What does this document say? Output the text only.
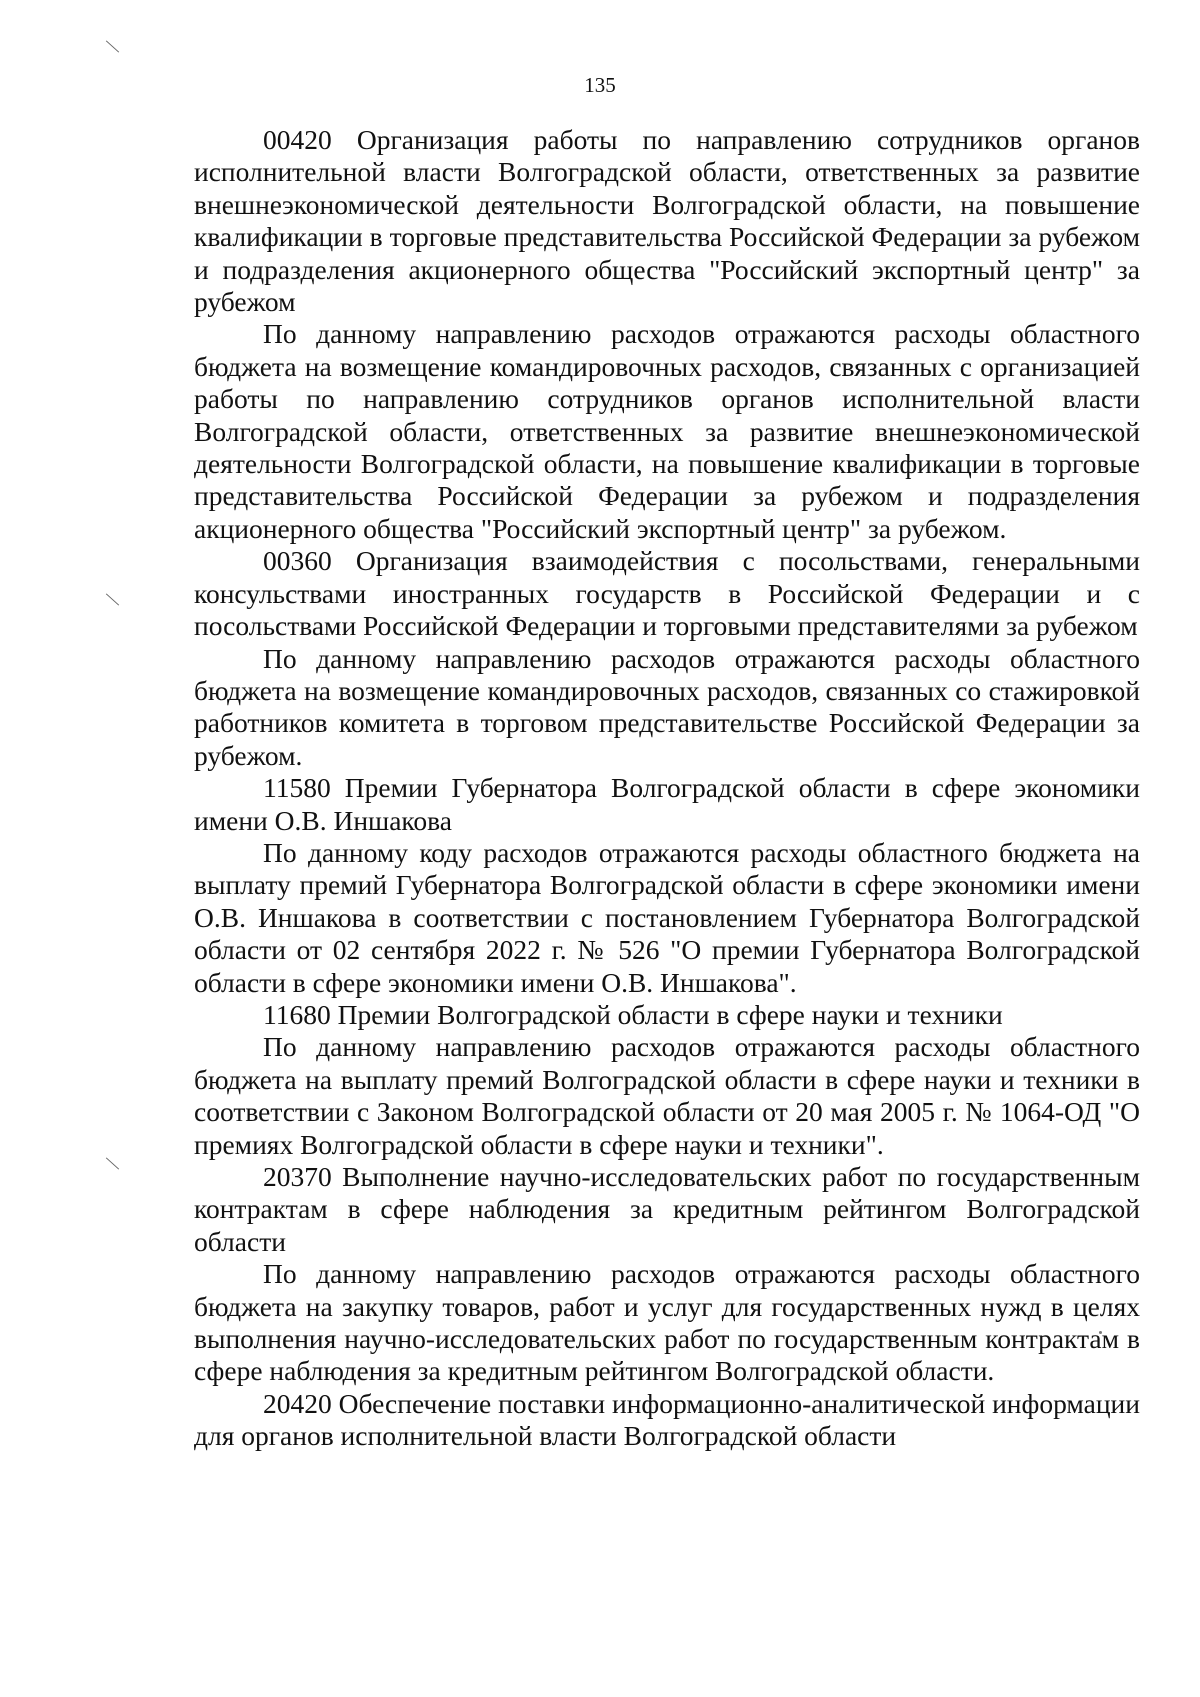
135

00420 Организация работы по направлению сотрудников органов исполнительной власти Волгоградской области, ответственных за развитие внешнеэкономической деятельности Волгоградской области, на повышение квалификации в торговые представительства Российской Федерации за рубежом и подразделения акционерного общества "Российский экспортный центр" за рубежом

По данному направлению расходов отражаются расходы областного бюджета на возмещение командировочных расходов, связанных с организацией работы по направлению сотрудников органов исполнительной власти Волгоградской области, ответственных за развитие внешнеэкономической деятельности Волгоградской области, на повышение квалификации в торговые представительства Российской Федерации за рубежом и подразделения акционерного общества "Российский экспортный центр" за рубежом.

00360 Организация взаимодействия с посольствами, генеральными консульствами иностранных государств в Российской Федерации и с посольствами Российской Федерации и торговыми представителями за рубежом

По данному направлению расходов отражаются расходы областного бюджета на возмещение командировочных расходов, связанных со стажировкой работников комитета в торговом представительстве Российской Федерации за рубежом.

11580 Премии Губернатора Волгоградской области в сфере экономики имени О.В. Иншакова

По данному коду расходов отражаются расходы областного бюджета на выплату премий Губернатора Волгоградской области в сфере экономики имени О.В. Иншакова в соответствии с постановлением Губернатора Волгоградской области от 02 сентября 2022 г. № 526 "О премии Губернатора Волгоградской области в сфере экономики имени О.В. Иншакова".

11680 Премии Волгоградской области в сфере науки и техники

По данному направлению расходов отражаются расходы областного бюджета на выплату премий Волгоградской области в сфере науки и техники в соответствии с Законом Волгоградской области от 20 мая 2005 г. № 1064-ОД "О премиях Волгоградской области в сфере науки и техники".

20370 Выполнение научно-исследовательских работ по государственным контрактам в сфере наблюдения за кредитным рейтингом Волгоградской области

По данному направлению расходов отражаются расходы областного бюджета на закупку товаров, работ и услуг для государственных нужд в целях выполнения научно-исследовательских работ по государственным контрактам в сфере наблюдения за кредитным рейтингом Волгоградской области.

20420 Обеспечение поставки информационно-аналитической информации для органов исполнительной власти Волгоградской области
